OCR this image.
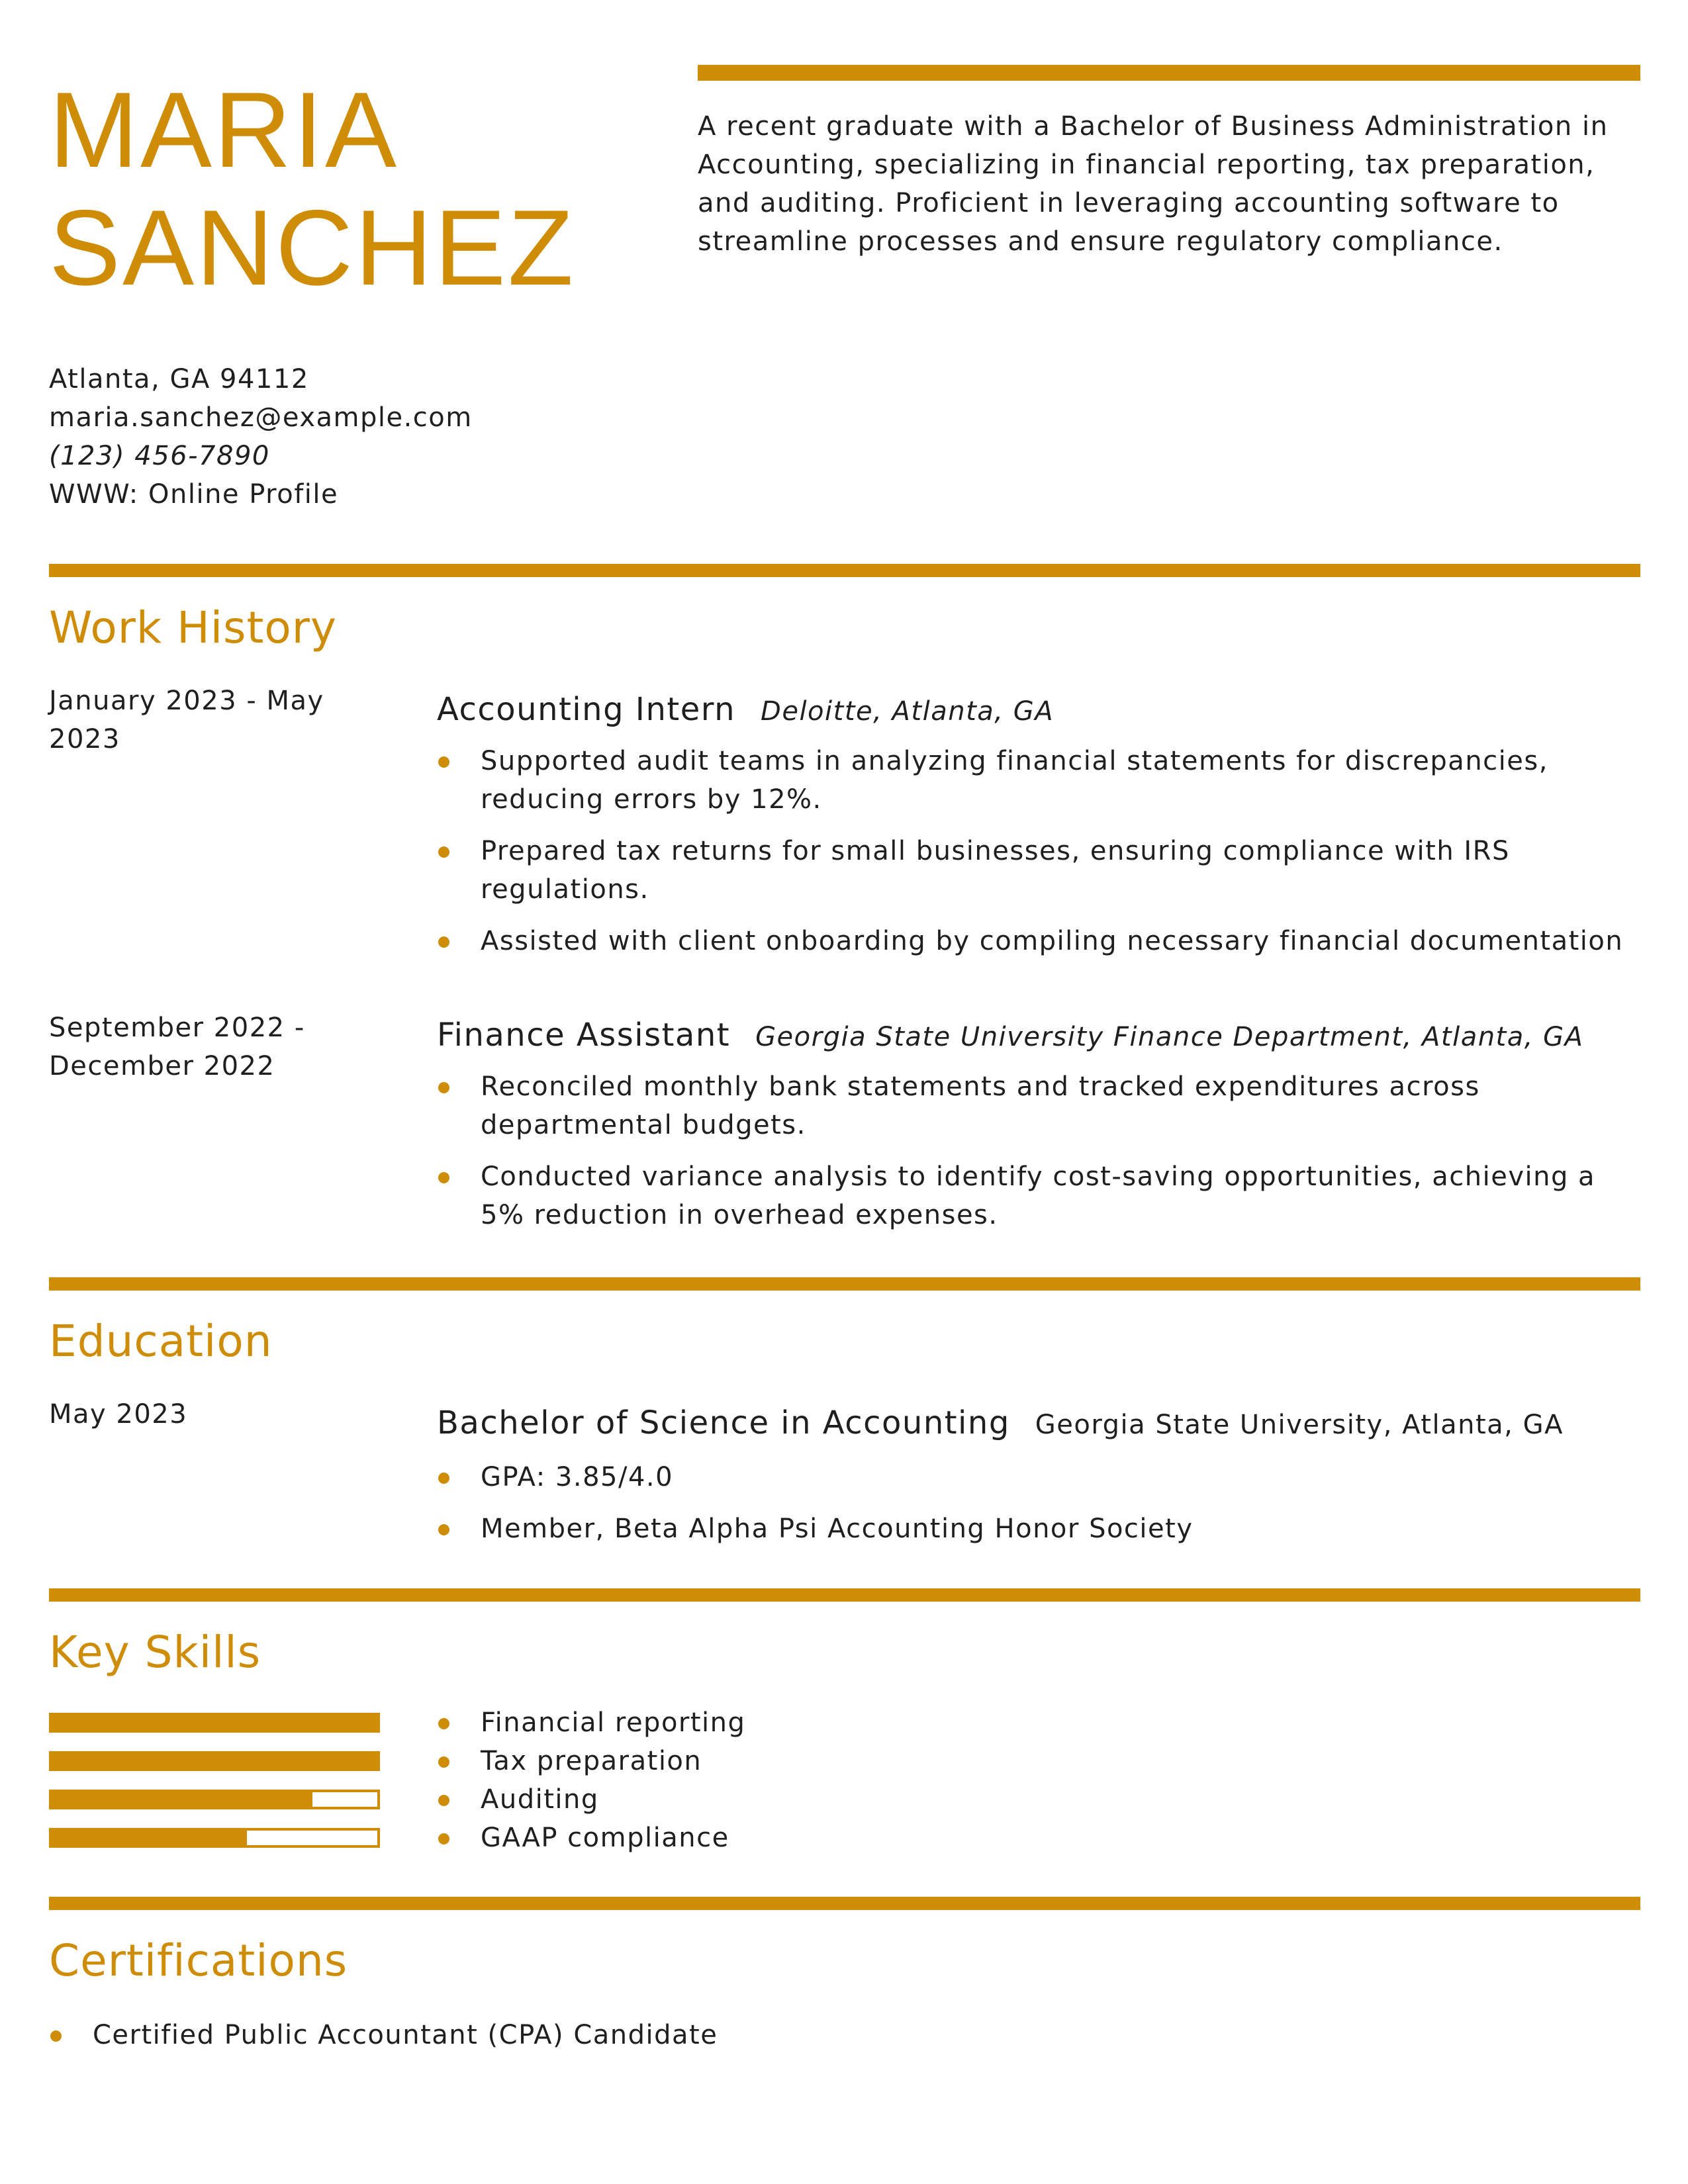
MARIA
SANCHEZ
A recent graduate with a Bachelor of Business Administration in Accounting, specializing in financial reporting, tax preparation, and auditing. Proficient in leveraging accounting software to streamline processes and ensure regulatory compliance.
Atlanta, GA 94112
maria.sanchez@example.com
(123) 456-7890
WWW: Online Profile
Work History
January 2023 - May 2023
Accounting Intern Deloitte, Atlanta, GA
Supported audit teams in analyzing financial statements for discrepancies, reducing errors by 12%.
Prepared tax returns for small businesses, ensuring compliance with IRS regulations.
Assisted with client onboarding by compiling necessary financial documentation
September 2022 - December 2022
Finance Assistant Georgia State University Finance Department, Atlanta, GA
Reconciled monthly bank statements and tracked expenditures across departmental budgets.
Conducted variance analysis to identify cost-saving opportunities, achieving a 5% reduction in overhead expenses.
Education
May 2023	Bachelor of Science in Accounting Georgia State University, Atlanta, GA
GPA: 3.85/4.0
Member, Beta Alpha Psi Accounting Honor Society
Key Skills
Financial reporting
Tax preparation
Auditing
GAAP compliance
Certifications
Certified Public Accountant (CPA) Candidate
